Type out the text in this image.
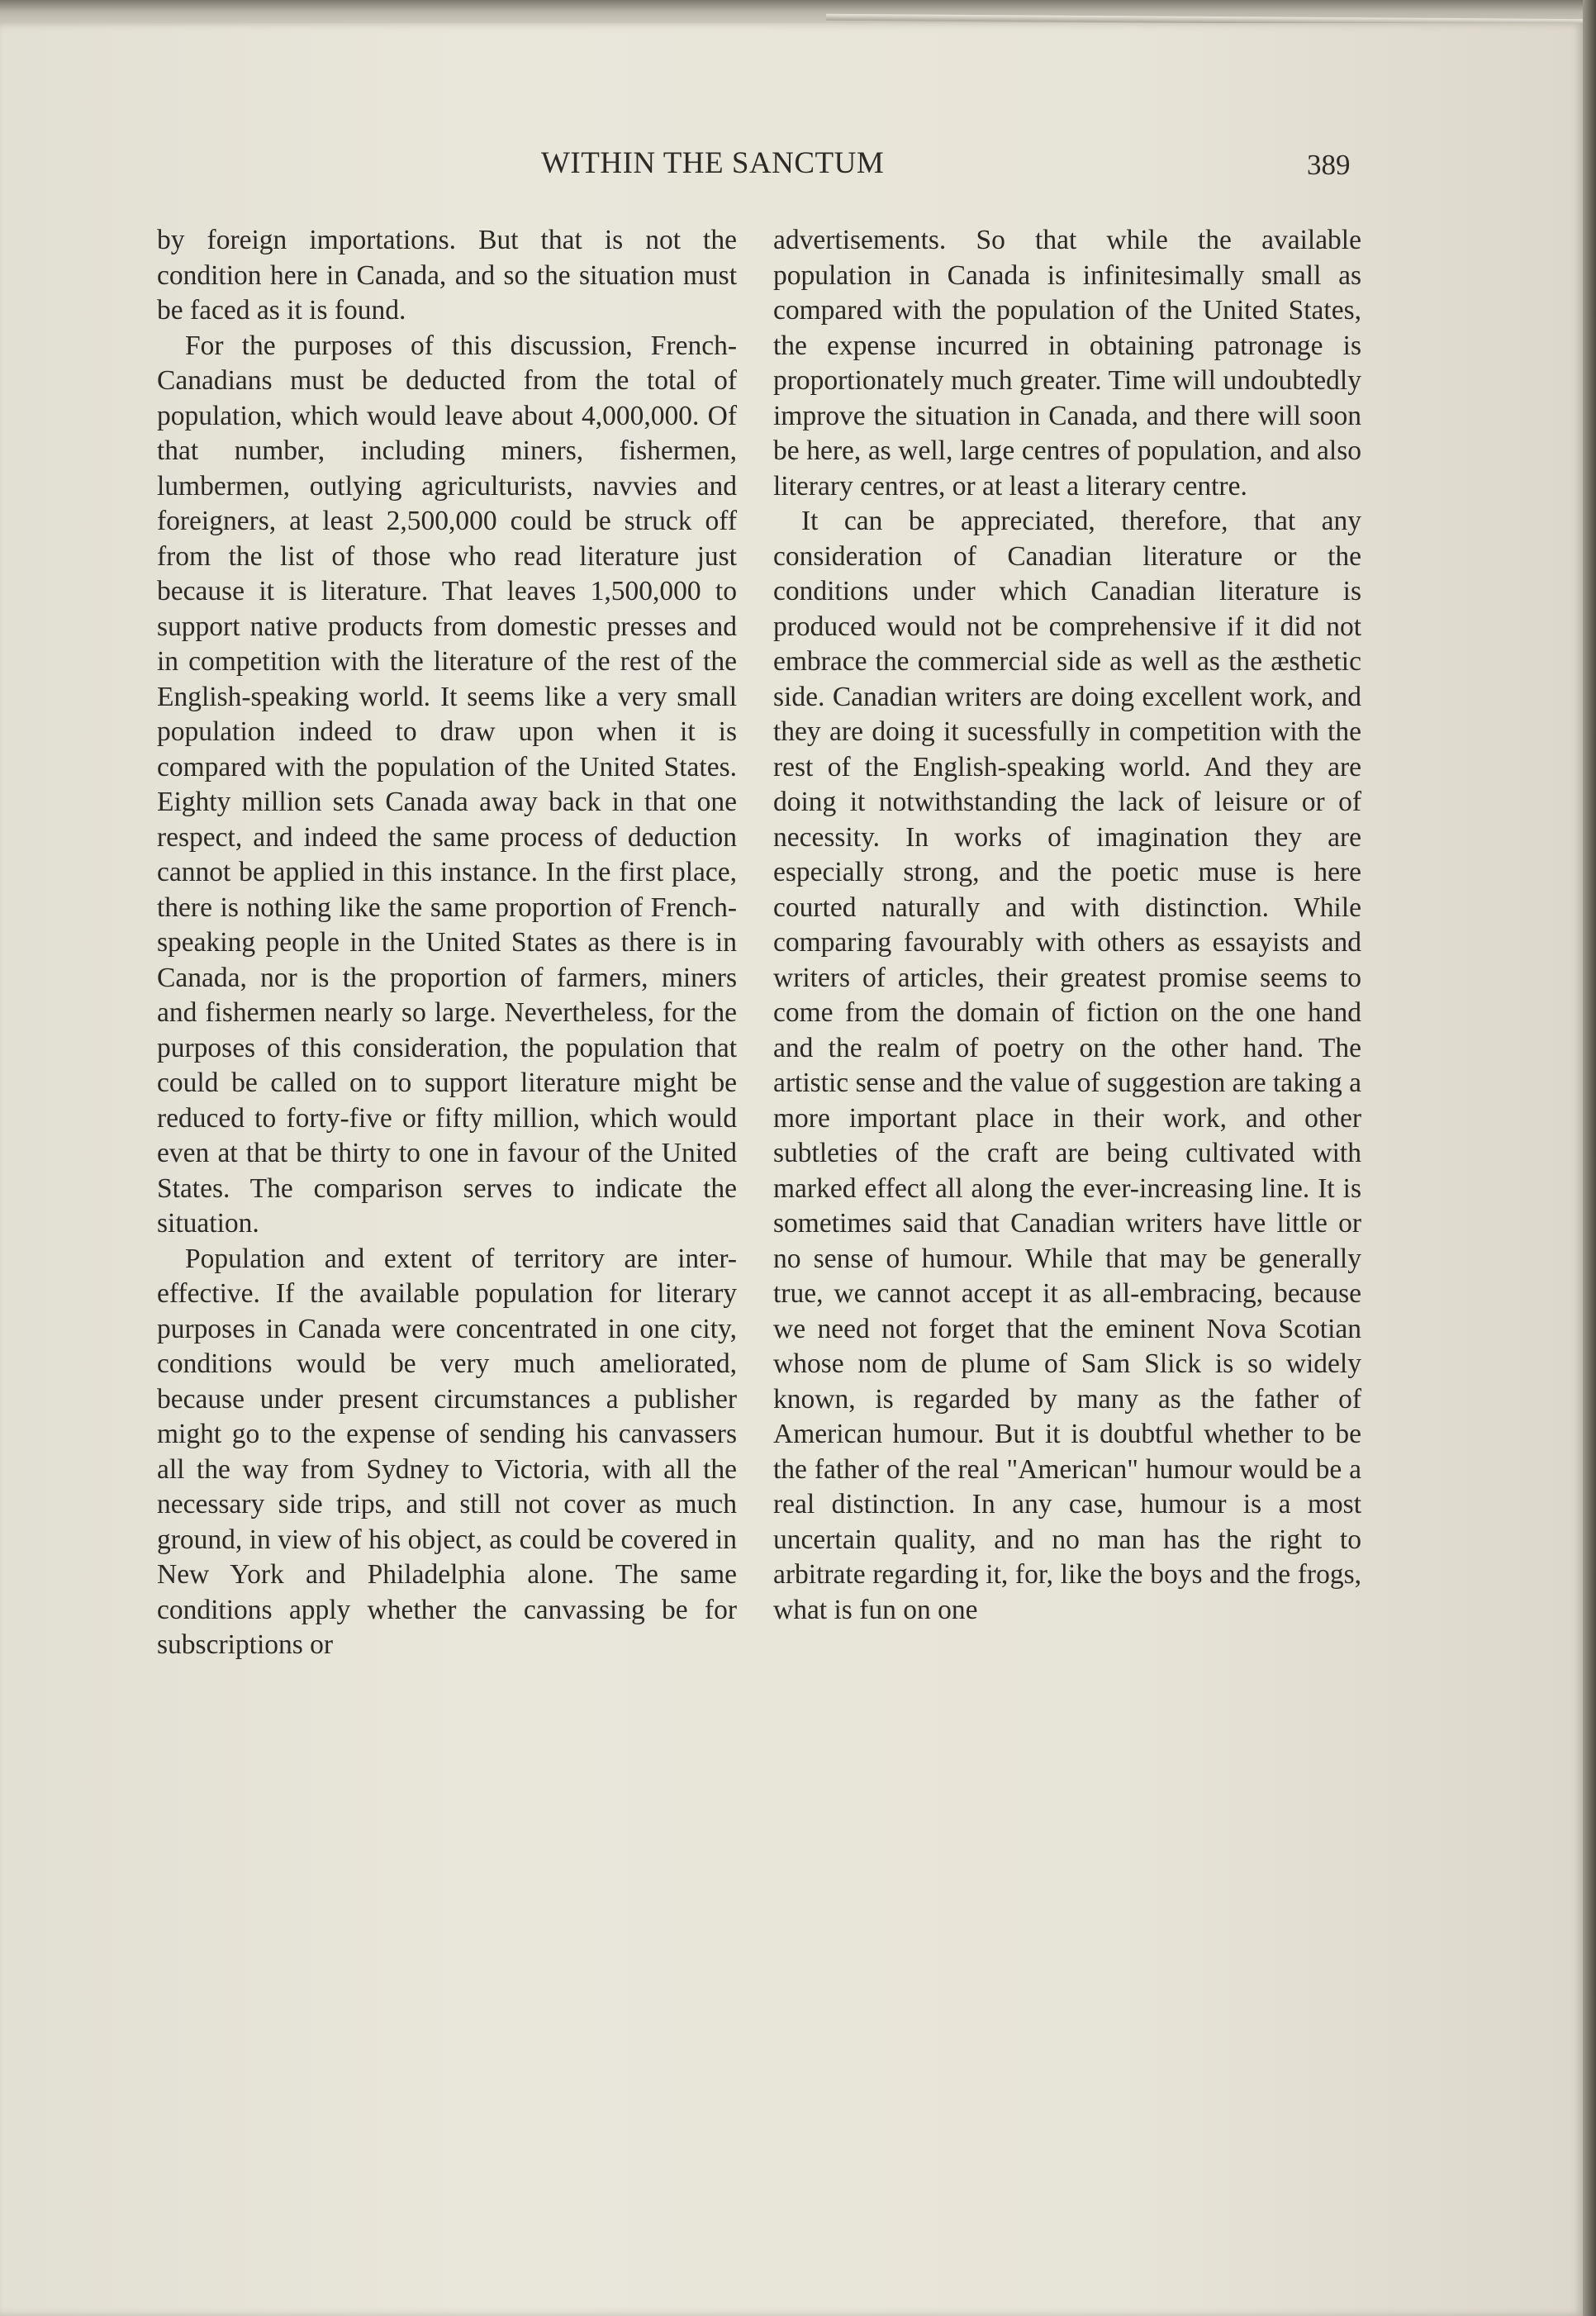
WITHIN THE SANCTUM	389

by foreign importations. But that is not the condition here in Canada, and so the situation must be faced as it is found.

For the purposes of this discussion, French-Canadians must be deducted from the total of population, which would leave about 4,000,000. Of that number, including miners, fishermen, lumbermen, outlying agriculturists, navvies and foreigners, at least 2,500,000 could be struck off from the list of those who read literature just because it is literature. That leaves 1,500,000 to support native products from domestic presses and in competition with the literature of the rest of the English-speaking world. It seems like a very small population indeed to draw upon when it is compared with the population of the United States. Eighty million sets Canada away back in that one respect, and indeed the same process of deduction cannot be applied in this instance. In the first place, there is nothing like the same proportion of French-speaking people in the United States as there is in Canada, nor is the proportion of farmers, miners and fishermen nearly so large. Nevertheless, for the purposes of this consideration, the population that could be called on to support literature might be reduced to forty-five or fifty million, which would even at that be thirty to one in favour of the United States. The comparison serves to indicate the situation.

Population and extent of territory are inter-effective. If the available population for literary purposes in Canada were concentrated in one city, conditions would be very much ameliorated, because under present circumstances a publisher might go to the expense of sending his canvassers all the way from Sydney to Victoria, with all the necessary side trips, and still not cover as much ground, in view of his object, as could be covered in New York and Philadelphia alone. The same conditions apply whether the canvassing be for subscriptions or

advertisements. So that while the available population in Canada is infinitesimally small as compared with the population of the United States, the expense incurred in obtaining patronage is proportionately much greater. Time will undoubtedly improve the situation in Canada, and there will soon be here, as well, large centres of population, and also literary centres, or at least a literary centre.

It can be appreciated, therefore, that any consideration of Canadian literature or the conditions under which Canadian literature is produced would not be comprehensive if it did not embrace the commercial side as well as the æsthetic side. Canadian writers are doing excellent work, and they are doing it sucessfully in competition with the rest of the English-speaking world. And they are doing it notwithstanding the lack of leisure or of necessity. In works of imagination they are especially strong, and the poetic muse is here courted naturally and with distinction. While comparing favourably with others as essayists and writers of articles, their greatest promise seems to come from the domain of fiction on the one hand and the realm of poetry on the other hand. The artistic sense and the value of suggestion are taking a more important place in their work, and other subtleties of the craft are being cultivated with marked effect all along the ever-increasing line. It is sometimes said that Canadian writers have little or no sense of humour. While that may be generally true, we cannot accept it as all-embracing, because we need not forget that the eminent Nova Scotian whose nom de plume of Sam Slick is so widely known, is regarded by many as the father of American humour. But it is doubtful whether to be the father of the real "American" humour would be a real distinction. In any case, humour is a most uncertain quality, and no man has the right to arbitrate regarding it, for, like the boys and the frogs, what is fun on one
